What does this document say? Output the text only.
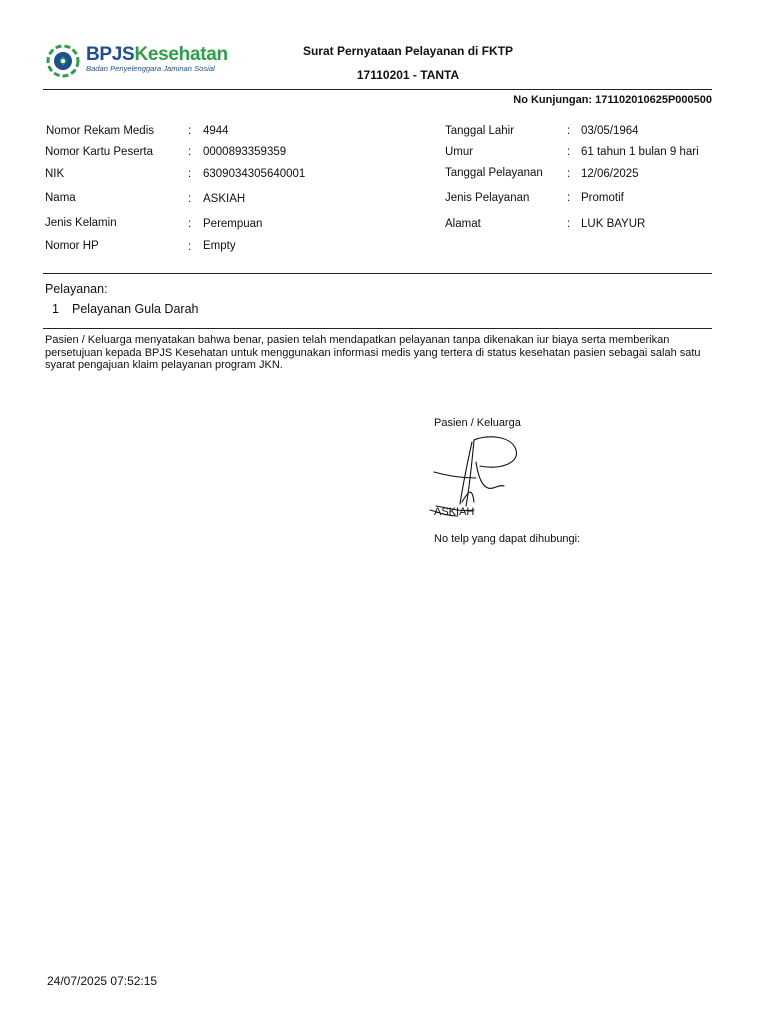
BPJSKesehatan
Badan Penyelenggara Jaminan Sosial
Surat Pernyataan Pelayanan di FKTP
17110201 - TANTA
No Kunjungan: 171102010625P000500
Nomor Rekam Medis	: 4944
Nomor Kartu Peserta	: 0000893359359
NIK	: 6309034305640001
Nama	: ASKIAH
Jenis Kelamin	: Perempuan
Nomor HP	: Empty
Tanggal Lahir	: 03/05/1964
Umur	: 61 tahun 1 bulan 9 hari
Tanggal Pelayanan : 12/06/2025
Jenis Pelayanan	: Promotif
Alamat	: LUK BAYUR
Pelayanan:
1 Pelayanan Gula Darah
Pasien / Keluarga menyatakan bahwa benar, pasien telah mendapatkan pelayanan tanpa dikenakan iur biaya serta memberikan persetujuan kepada BPJS Kesehatan untuk menggunakan informasi medis yang tertera di status kesehatan pasien sebagai salah satu syarat pengajuan klaim pelayanan program JKN.
Pasien / Keluarga
ASKIAH
No telp yang dapat dihubungi:
24/07/2025 07:52:15
